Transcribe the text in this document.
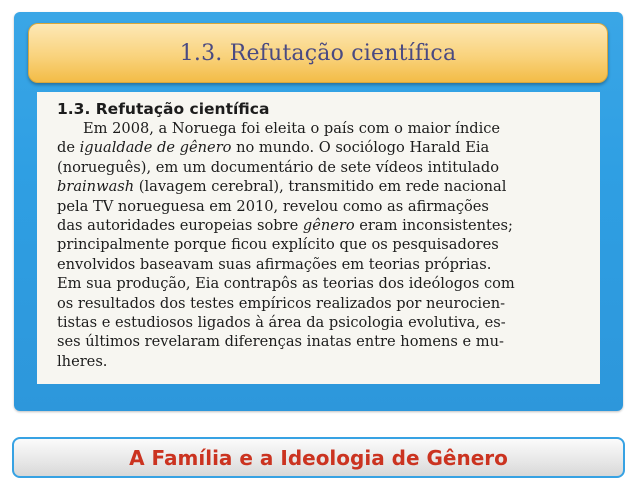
1.3. Refutação científica
1.3. Refutação científica
Em 2008, a Noruega foi eleita o país com o maior índice
de igualdade de gênero no mundo. O sociólogo Harald Eia
(norueguês), em um documentário de sete vídeos intitulado
brainwash (lavagem cerebral), transmitido em rede nacional
pela TV norueguesa em 2010, revelou como as afirmações
das autoridades europeias sobre gênero eram inconsistentes;
principalmente porque ficou explícito que os pesquisadores
envolvidos baseavam suas afirmações em teorias próprias.
Em sua produção, Eia contrapôs as teorias dos ideólogos com
os resultados dos testes empíricos realizados por neurocien-
tistas e estudiosos ligados à área da psicologia evolutiva, es-
ses últimos revelaram diferenças inatas entre homens e mu-
lheres.
A Família e a Ideologia de Gênero
